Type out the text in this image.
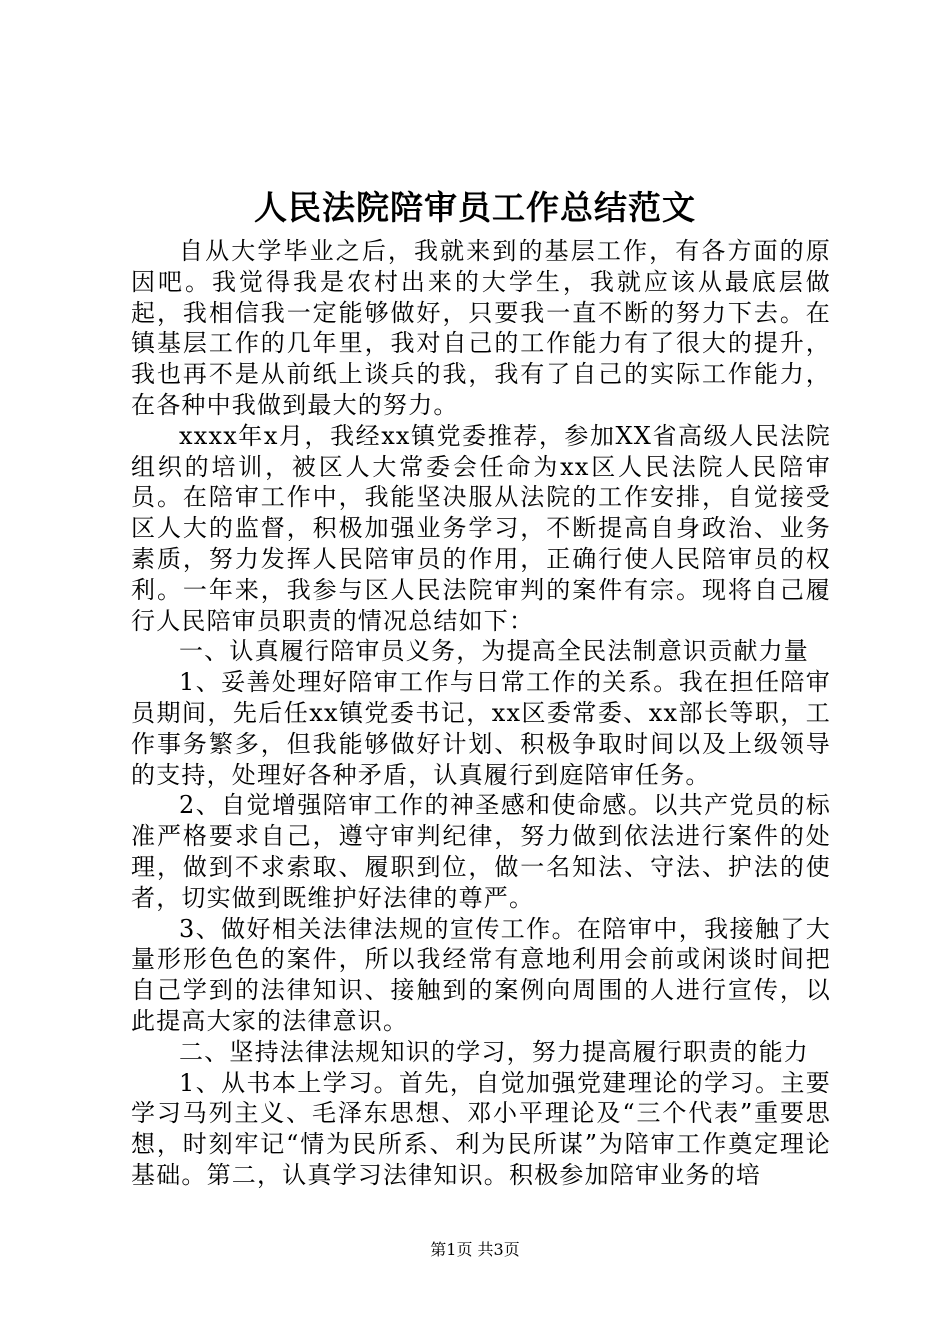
人民法院陪审员工作总结范文

自从大学毕业之后，我就来到的基层工作，有各方面的原因吧。我觉得我是农村出来的大学生，我就应该从最底层做起，我相信我一定能够做好，只要我一直不断的努力下去。在镇基层工作的几年里，我对自己的工作能力有了很大的提升，我也再不是从前纸上谈兵的我，我有了自己的实际工作能力，在各种中我做到最大的努力。

xxxx年x月，我经xx镇党委推荐，参加XX省高级人民法院组织的培训，被区人大常委会任命为xx区人民法院人民陪审员。在陪审工作中，我能坚决服从法院的工作安排，自觉接受区人大的监督，积极加强业务学习，不断提高自身政治、业务素质，努力发挥人民陪审员的作用，正确行使人民陪审员的权利。一年来，我参与区人民法院审判的案件有宗。现将自己履行人民陪审员职责的情况总结如下：

一、认真履行陪审员义务，为提高全民法制意识贡献力量

1、妥善处理好陪审工作与日常工作的关系。我在担任陪审员期间，先后任xx镇党委书记，xx区委常委、xx部长等职，工作事务繁多，但我能够做好计划、积极争取时间以及上级领导的支持，处理好各种矛盾，认真履行到庭陪审任务。

2、自觉增强陪审工作的神圣感和使命感。以共产党员的标准严格要求自己，遵守审判纪律，努力做到依法进行案件的处理，做到不求索取、履职到位，做一名知法、守法、护法的使者，切实做到既维护好法律的尊严。

3、做好相关法律法规的宣传工作。在陪审中，我接触了大量形形色色的案件，所以我经常有意地利用会前或闲谈时间把自己学到的法律知识、接触到的案例向周围的人进行宣传，以此提高大家的法律意识。

二、坚持法律法规知识的学习，努力提高履行职责的能力

1、从书本上学习。首先，自觉加强党建理论的学习。主要学习马列主义、毛泽东思想、邓小平理论及“三个代表”重要思想，时刻牢记“情为民所系、利为民所谋”为陪审工作奠定理论基础。第二，认真学习法律知识。积极参加陪审业务的培

第1页 共3页
